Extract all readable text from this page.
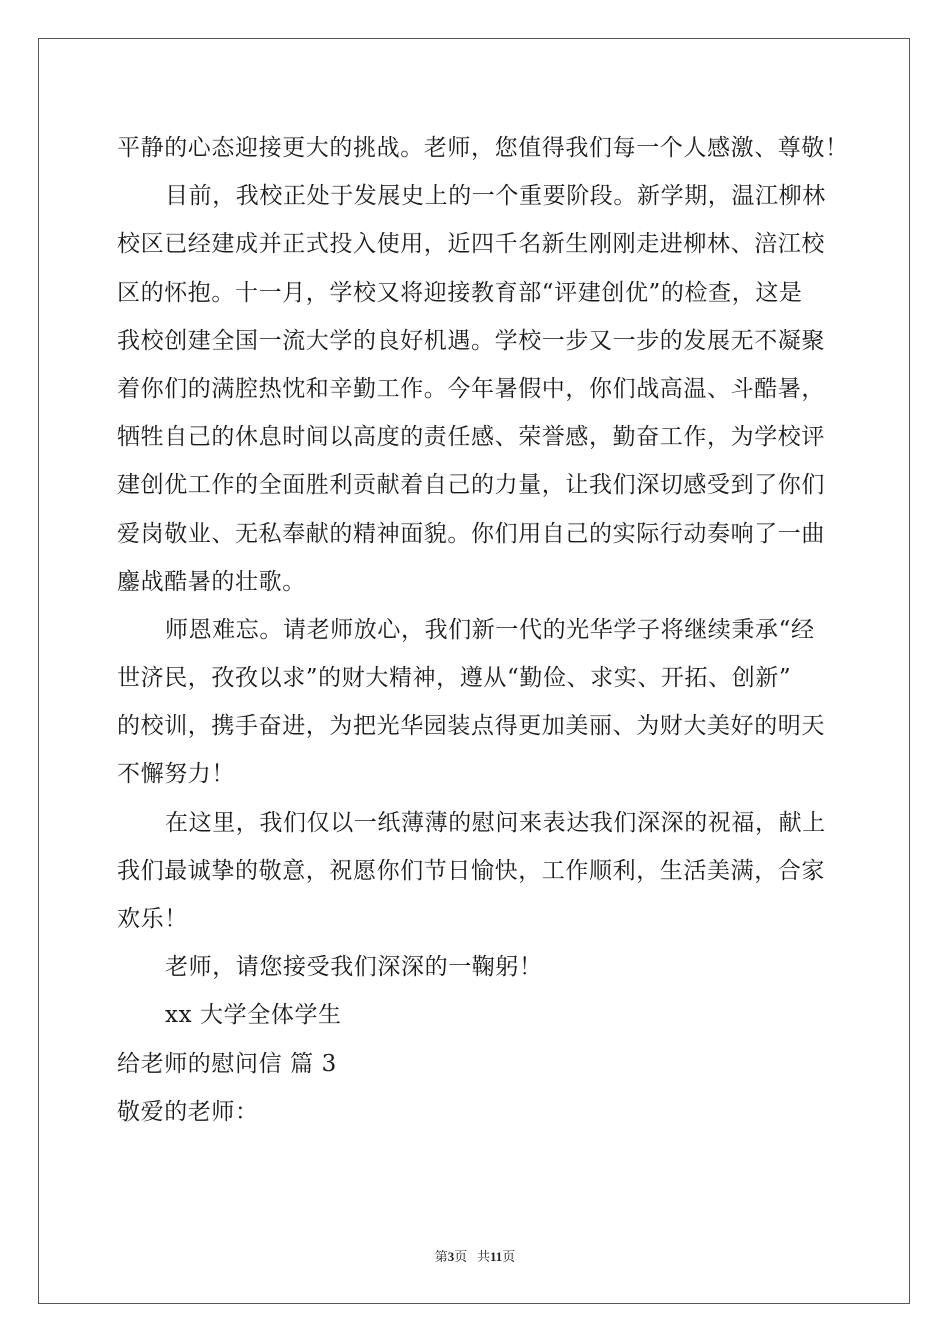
平静的心态迎接更大的挑战。老师，您值得我们每一个人感激、尊敬！
目前，我校正处于发展史上的一个重要阶段。新学期，温江柳林
校区已经建成并正式投入使用，近四千名新生刚刚走进柳林、涪江校
区的怀抱。十一月，学校又将迎接教育部“评建创优”的检查，这是
我校创建全国一流大学的良好机遇。学校一步又一步的发展无不凝聚
着你们的满腔热忱和辛勤工作。今年暑假中，你们战高温、斗酷暑，
牺牲自己的休息时间以高度的责任感、荣誉感，勤奋工作，为学校评
建创优工作的全面胜利贡献着自己的力量，让我们深切感受到了你们
爱岗敬业、无私奉献的精神面貌。你们用自己的实际行动奏响了一曲
鏖战酷暑的壮歌。
师恩难忘。请老师放心，我们新一代的光华学子将继续秉承“经
世济民，孜孜以求”的财大精神，遵从“勤俭、求实、开拓、创新”
的校训，携手奋进，为把光华园装点得更加美丽、为财大美好的明天
不懈努力！
在这里，我们仅以一纸薄薄的慰问来表达我们深深的祝福，献上
我们最诚挚的敬意，祝愿你们节日愉快，工作顺利，生活美满，合家
欢乐！
老师，请您接受我们深深的一鞠躬！
xx 大学全体学生
给老师的慰问信 篇 3
敬爱的老师：
第3页 共11页
